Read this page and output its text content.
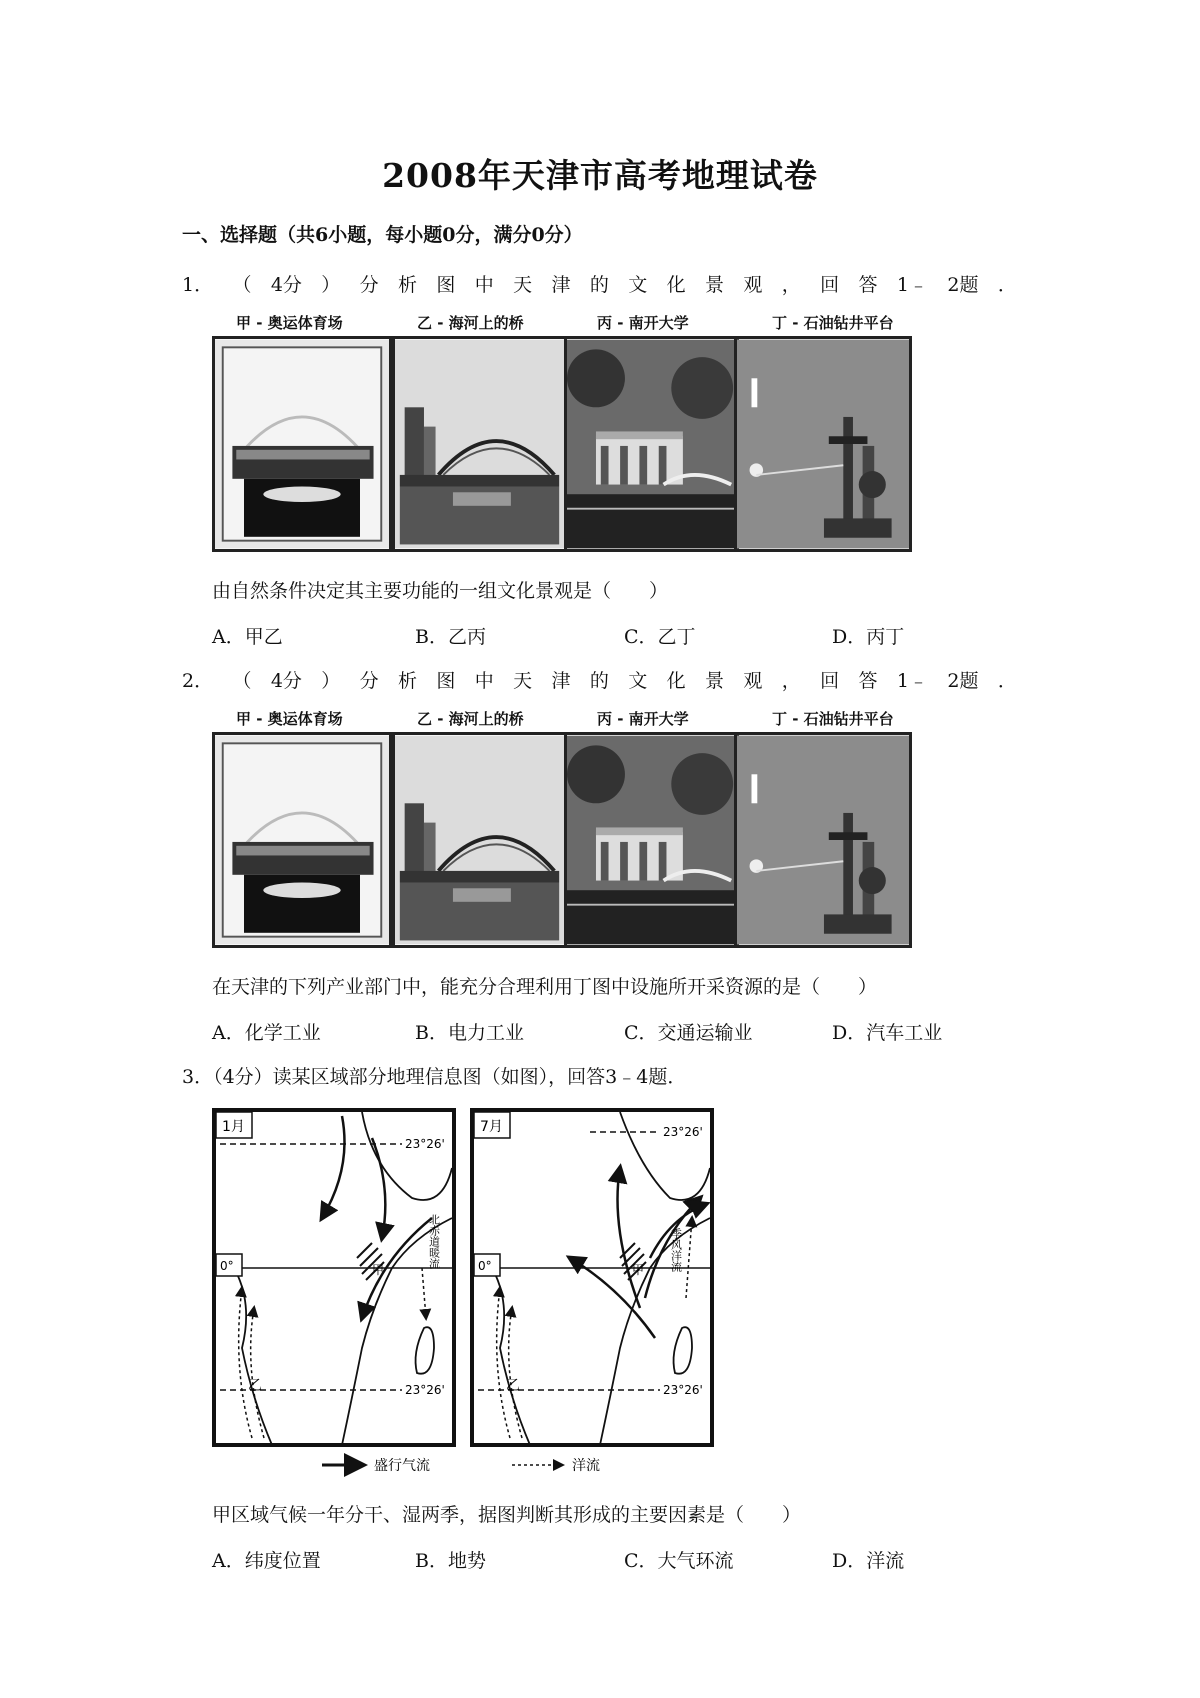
2008年天津市高考地理试卷
一、选择题（共6小题，每小题0分，满分0分）
1． （ 4分 ） 分 析 图 中 天 津 的 文 化 景 观 ， 回 答 1﹣ 2题 ．
甲 - 奥运体育场	乙 - 海河上的桥	丙 - 南开大学	丁 - 石油钻井平台
由自然条件决定其主要功能的一组文化景观是（　　）
A．甲乙	B．乙丙	C．乙丁	D．丙丁
2． （ 4分 ） 分 析 图 中 天 津 的 文 化 景 观 ， 回 答 1﹣ 2题 ．
甲 - 奥运体育场	乙 - 海河上的桥	丙 - 南开大学	丁 - 石油钻井平台
在天津的下列产业部门中，能充分合理利用丁图中设施所开采资源的是（　　）
A．化学工业	B．电力工业	C．交通运输业	D．汽车工业
3．（4分）读某区域部分地理信息图（如图），回答3﹣4题．
1月
23°26'
0°
23°26'
甲
乙
北赤道暖流
7月	23°26'
0°
23°26'
甲
乙
季风洋流
盛行气流	洋流
甲区域气候一年分干、湿两季，据图判断其形成的主要因素是（　　）
A．纬度位置	B．地势	C．大气环流	D．洋流
